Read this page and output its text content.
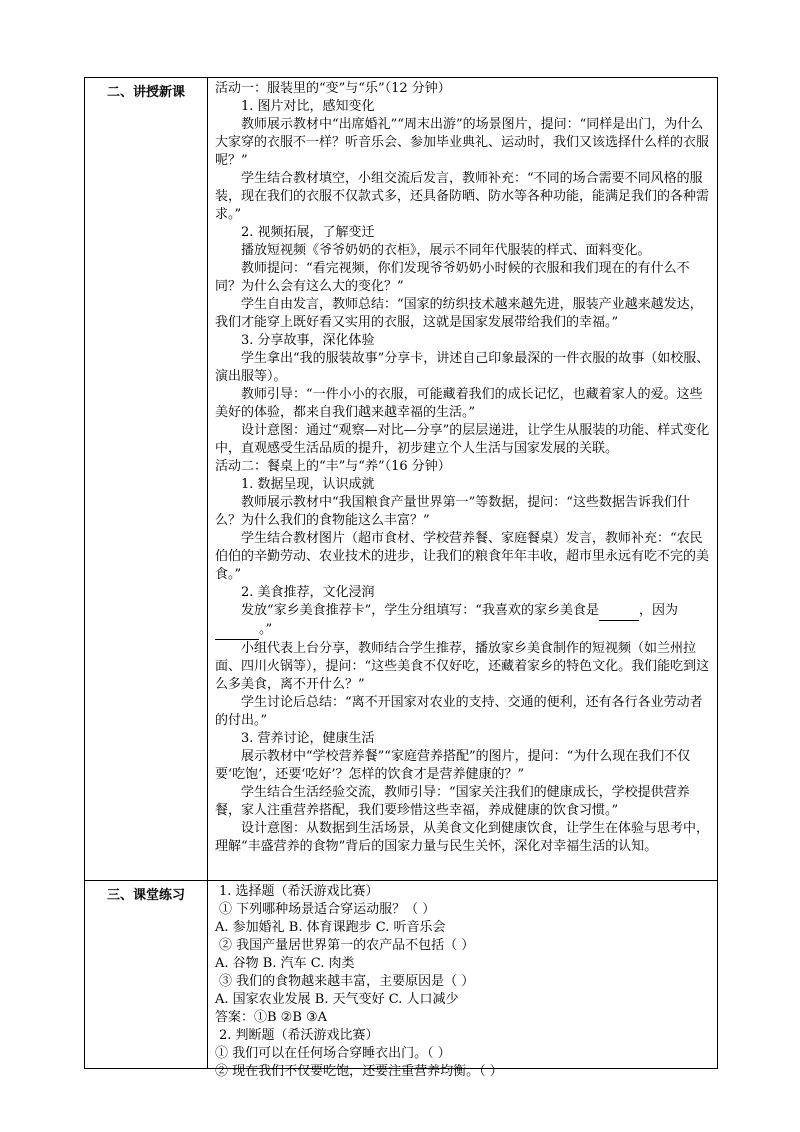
二、讲授新课	活动一：服装里的“变”与“乐”（12 分钟）

1. 图片对比，感知变化

教师展示教材中“出席婚礼”“周末出游”的场景图片，提问：“同样是出门，为什么大家穿的衣服不一样？听音乐会、参加毕业典礼、运动时，我们又该选择什么样的衣服呢？”

学生结合教材填空，小组交流后发言，教师补充：“不同的场合需要不同风格的服装，现在我们的衣服不仅款式多，还具备防晒、防水等各种功能，能满足我们的各种需求。”

2. 视频拓展，了解变迁

播放短视频《爷爷奶奶的衣柜》，展示不同年代服装的样式、面料变化。

教师提问：“看完视频，你们发现爷爷奶奶小时候的衣服和我们现在的有什么不同？为什么会有这么大的变化？”

学生自由发言，教师总结：“国家的纺织技术越来越先进，服装产业越来越发达，我们才能穿上既好看又实用的衣服，这就是国家发展带给我们的幸福。”

3. 分享故事，深化体验

学生拿出“我的服装故事”分享卡，讲述自己印象最深的一件衣服的故事（如校服、演出服等）。

教师引导：“一件小小的衣服，可能藏着我们的成长记忆，也藏着家人的爱。这些美好的体验，都来自我们越来越幸福的生活。”

设计意图：通过“观察—对比—分享”的层层递进，让学生从服装的功能、样式变化中，直观感受生活品质的提升，初步建立个人生活与国家发展的关联。

活动二：餐桌上的“丰”与“养”（16 分钟）

1. 数据呈现，认识成就

教师展示教材中“我国粮食产量世界第一”等数据，提问：“这些数据告诉我们什么？为什么我们的食物能这么丰富？”

学生结合教材图片（超市食材、学校营养餐、家庭餐桌）发言，教师补充：“农民伯伯的辛勤劳动、农业技术的进步，让我们的粮食年年丰收，超市里永远有吃不完的美食。”

2. 美食推荐，文化浸润

发放“家乡美食推荐卡”，学生分组填写：“我喜欢的家乡美食是	，因为 。”

小组代表上台分享，教师结合学生推荐，播放家乡美食制作的短视频（如兰州拉面、四川火锅等），提问：“这些美食不仅好吃，还藏着家乡的特色文化。我们能吃到这么多美食，离不开什么？”

学生讨论后总结：“离不开国家对农业的支持、交通的便利，还有各行各业劳动者的付出。”

3. 营养讨论，健康生活

展示教材中“学校营养餐”“家庭营养搭配”的图片，提问：“为什么现在我们不仅要‘吃饱’，还要‘吃好’？怎样的饮食才是营养健康的？”

学生结合生活经验交流，教师引导：“国家关注我们的健康成长，学校提供营养餐，家人注重营养搭配，我们要珍惜这些幸福，养成健康的饮食习惯。”

设计意图：从数据到生活场景，从美食文化到健康饮食，让学生在体验与思考中，理解“丰盛营养的食物”背后的国家力量与民生关怀，深化对幸福生活的认知。

三、课堂练习	1. 选择题（希沃游戏比赛）

① 下列哪种场景适合穿运动服？（ ）

A. 参加婚礼 B. 体育课跑步 C. 听音乐会

② 我国产量居世界第一的农产品不包括（ ）

A. 谷物 B. 汽车 C. 肉类

③ 我们的食物越来越丰富，主要原因是（ ）

A. 国家农业发展 B. 天气变好 C. 人口减少

答案：①B ②B ③A

2. 判断题（希沃游戏比赛）

① 我们可以在任何场合穿睡衣出门。（ ）

② 现在我们不仅要吃饱，还要注重营养均衡。（ ）
